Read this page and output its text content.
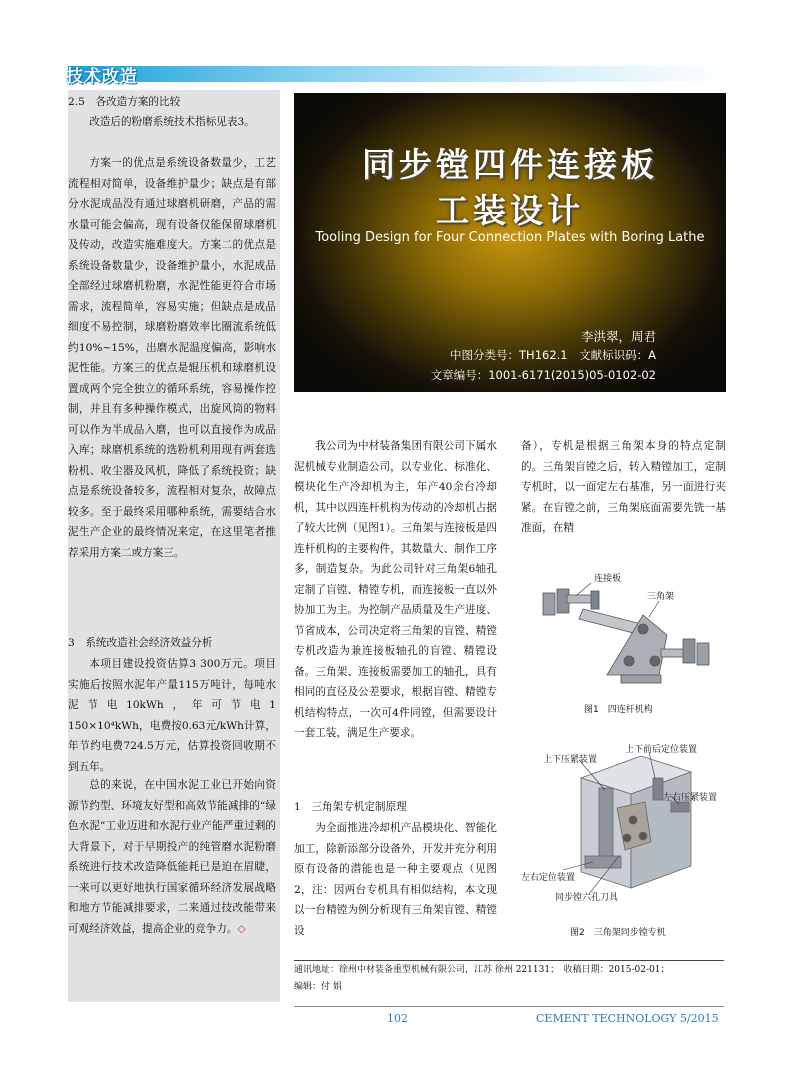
技术改造
2.5　各改造方案的比较
改造后的粉磨系统技术指标见表3。
方案一的优点是系统设备数量少，工艺流程相对简单，设备维护量少；缺点是有部分水泥成品没有通过球磨机研磨，产品的需水量可能会偏高，现有设备仅能保留球磨机及传动，改造实施难度大。方案二的优点是系统设备数量少，设备维护量小，水泥成品全部经过球磨机粉磨，水泥性能更符合市场需求，流程简单，容易实施；但缺点是成品细度不易控制，球磨粉磨效率比圈流系统低约10%~15%，出磨水泥温度偏高，影响水泥性能。方案三的优点是辊压机和球磨机设置成两个完全独立的循环系统，容易操作控制，并且有多种操作模式，出旋风筒的物料可以作为半成品入磨，也可以直接作为成品入库；球磨机系统的选粉机利用现有两套选粉机、收尘器及风机，降低了系统投资；缺点是系统设备较多，流程相对复杂，故障点较多。至于最终采用哪种系统，需要结合水泥生产企业的最终情况来定，在这里笔者推荐采用方案二或方案三。
3　系统改造社会经济效益分析
本项目建设投资估算3 300万元。项目实施后按照水泥年产量115万吨计，每吨水泥节电10kWh，年可节电1 150×10⁴kWh，电费按0.63元/kWh计算，年节约电费724.5万元，估算投资回收期不到五年。
总的来说，在中国水泥工业已开始向资源节约型、环境友好型和高效节能减排的“绿色水泥”工业迈进和水泥行业产能严重过剩的大背景下，对于早期投产的纯管磨水泥粉磨系统进行技术改造降低能耗已是迫在眉睫，一来可以更好地执行国家循环经济发展战略和地方节能减排要求，二来通过技改能带来可观经济效益，提高企业的竞争力。◇
同步镗四件连接板
工装设计
Tooling Design for Four Connection Plates with Boring Lathe
李洪翠，周君
中图分类号：TH162.1　文献标识码：A
文章编号：1001-6171(2015)05-0102-02
我公司为中材装备集团有限公司下属水泥机械专业制造公司，以专业化、标准化、模块化生产冷却机为主，年产40余台冷却机，其中以四连杆机构为传动的冷却机占据了较大比例（见图1）。三角架与连接板是四连杆机构的主要构件，其数量大、制作工序多，制造复杂。为此公司针对三角架6轴孔定制了盲镗、精镗专机，而连接板一直以外协加工为主。为控制产品质量及生产进度、节省成本，公司决定将三角架的盲镗、精镗专机改造为兼连接板轴孔的盲镗、精镗设备。三角架、连接板需要加工的轴孔，具有相同的直径及公差要求，根据盲镗、精镗专机结构特点，一次可4件同镗，但需要设计一套工装，满足生产要求。
1　三角架专机定制原理
为全面推进冷却机产品模块化、智能化加工，除新添部分设备外，开发并充分利用原有设备的潜能也是一种主要观点（见图2，注：因两台专机具有相似结构，本文现以一台精镗为例分析现有三角架盲镗、精镗设
备），专机是根据三角架本身的特点定制的。三角架盲镗之后，转入精镗加工，定制专机时，以一面定左右基准，另一面进行夹紧。在盲镗之前，三角架底面需要先铣一基准面，在精
连接板
三角架
图1　四连杆机构
上下压紧装置
上下前后定位装置
左右压紧装置
左右定位装置
同步镗六孔刀具
图2　三角架同步镗专机
通讯地址：徐州中材装备重型机械有限公司，江苏 徐州 221131；　收稿日期：2015-02-01；
编辑：付 娟
102	CEMENT TECHNOLOGY 5/2015
